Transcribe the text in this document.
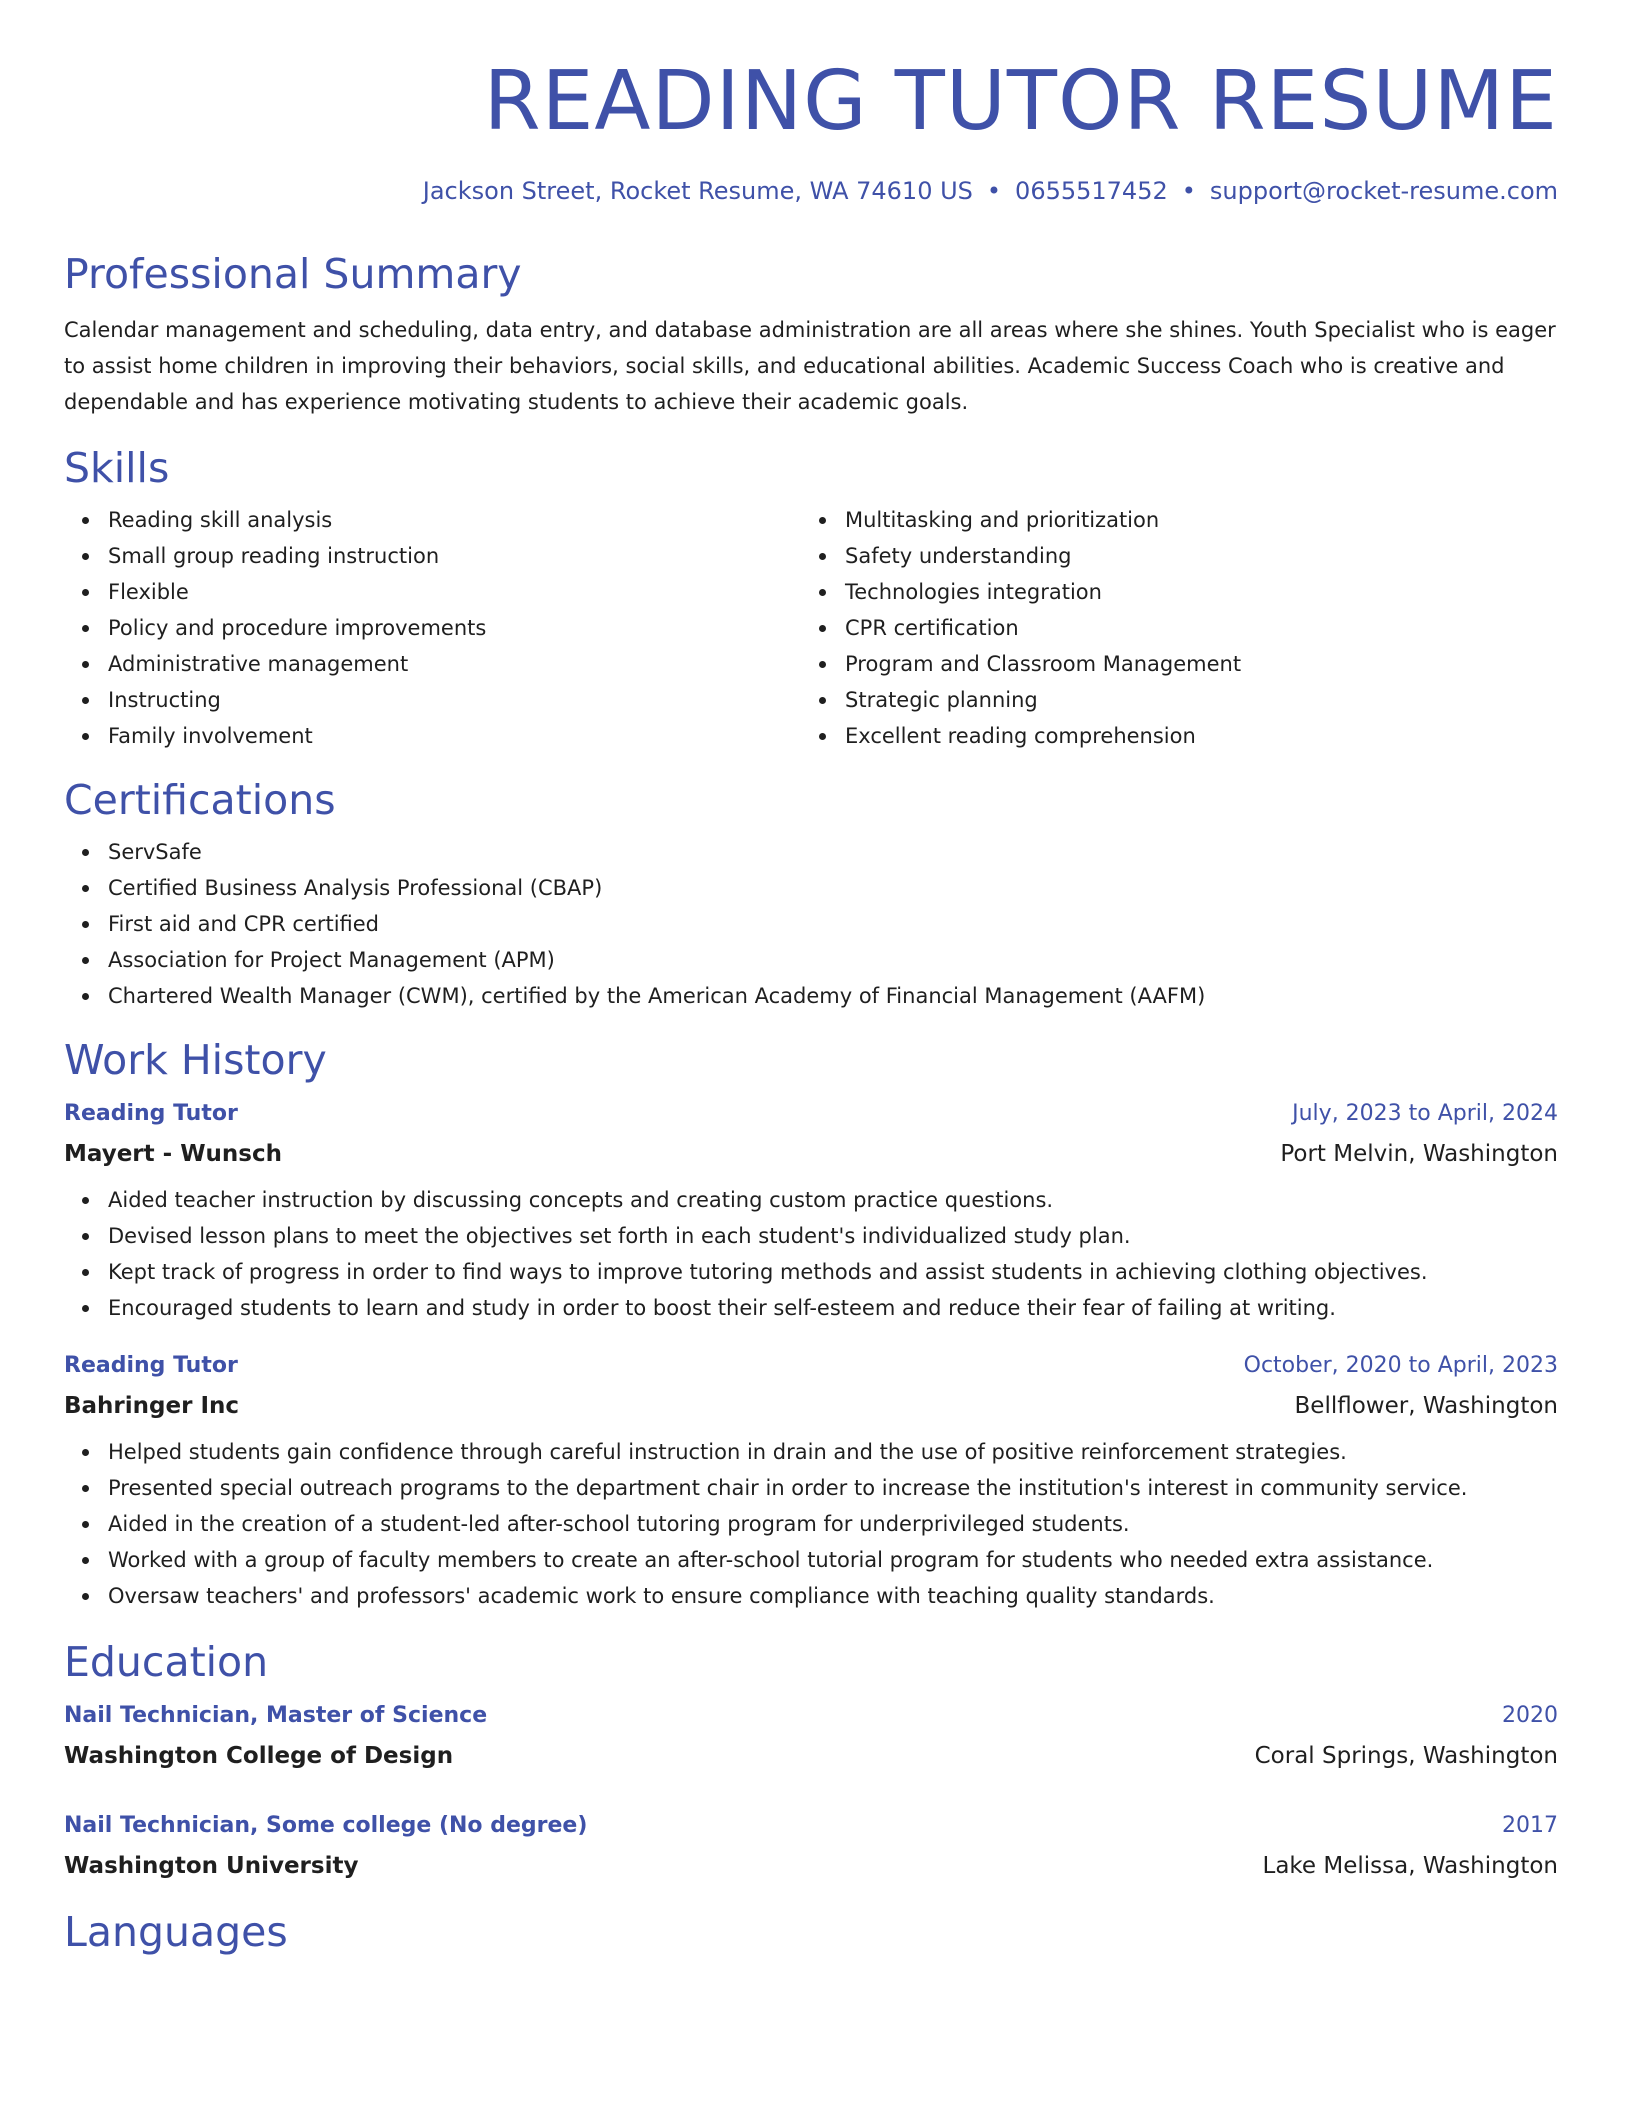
READING TUTOR RESUME
Jackson Street, Rocket Resume, WA 74610 US • 0655517452 • support@rocket-resume.com
Professional Summary

Calendar management and scheduling, data entry, and database administration are all areas where she shines. Youth Specialist who is eager to assist home children in improving their behaviors, social skills, and educational abilities. Academic Success Coach who is creative and dependable and has experience motivating students to achieve their academic goals.

Skills
Reading skill analysis
Small group reading instruction
Flexible
Policy and procedure improvements
Administrative management
Instructing
Family involvement
Multitasking and prioritization
Safety understanding
Technologies integration
CPR certification
Program and Classroom Management
Strategic planning
Excellent reading comprehension
Certifications
ServSafe
Certified Business Analysis Professional (CBAP)
First aid and CPR certified
Association for Project Management (APM)
Chartered Wealth Manager (CWM), certified by the American Academy of Financial Management (AAFM)
Work History
Reading Tutor	July, 2023 to April, 2024
Mayert - Wunsch	Port Melvin, Washington
Aided teacher instruction by discussing concepts and creating custom practice questions.
Devised lesson plans to meet the objectives set forth in each student's individualized study plan.
Kept track of progress in order to find ways to improve tutoring methods and assist students in achieving clothing objectives.
Encouraged students to learn and study in order to boost their self-esteem and reduce their fear of failing at writing.
Reading Tutor	October, 2020 to April, 2023
Bahringer Inc	Bellflower, Washington
Helped students gain confidence through careful instruction in drain and the use of positive reinforcement strategies.
Presented special outreach programs to the department chair in order to increase the institution's interest in community service.
Aided in the creation of a student-led after-school tutoring program for underprivileged students.
Worked with a group of faculty members to create an after-school tutorial program for students who needed extra assistance.
Oversaw teachers' and professors' academic work to ensure compliance with teaching quality standards.
Education
Nail Technician, Master of Science	2020
Washington College of Design	Coral Springs, Washington
Nail Technician, Some college (No degree)	2017
Washington University	Lake Melissa, Washington
Languages
